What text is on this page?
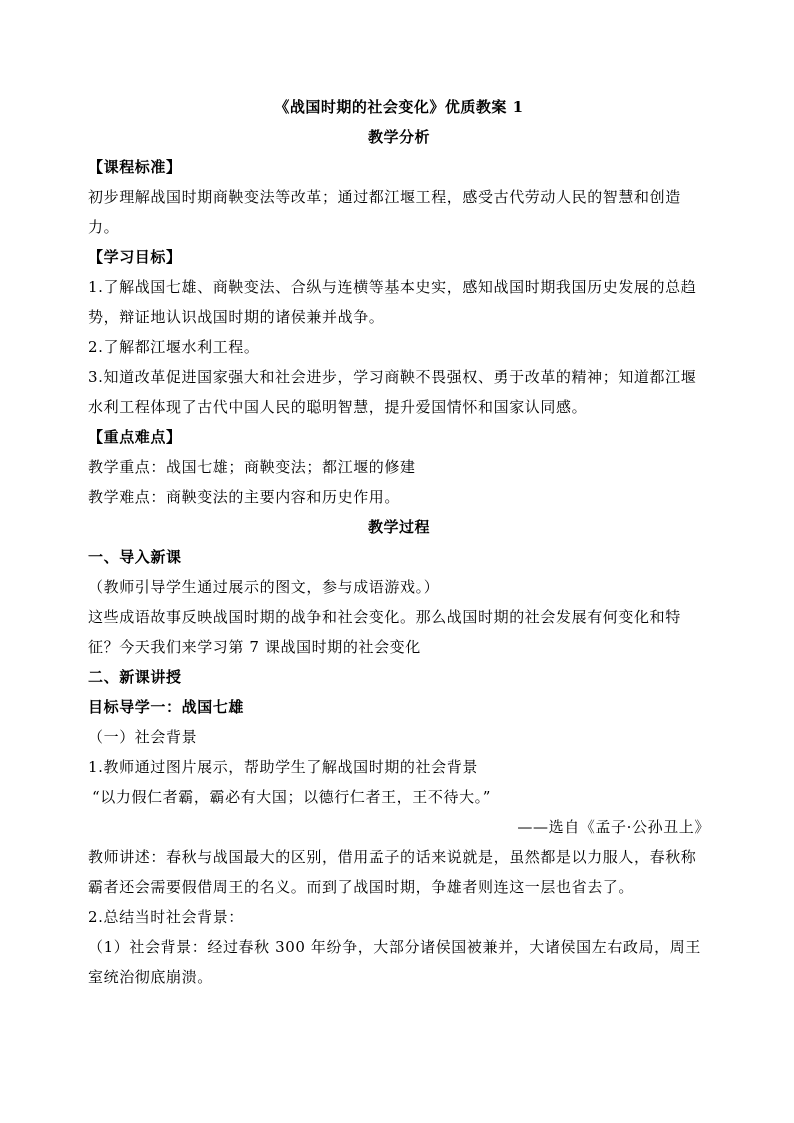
《战国时期的社会变化》优质教案 1
教学分析
【课程标准】
初步理解战国时期商鞅变法等改革；通过都江堰工程，感受古代劳动人民的智慧和创造力。
【学习目标】
1.了解战国七雄、商鞅变法、合纵与连横等基本史实，感知战国时期我国历史发展的总趋势，辩证地认识战国时期的诸侯兼并战争。
2.了解都江堰水利工程。
3.知道改革促进国家强大和社会进步，学习商鞅不畏强权、勇于改革的精神；知道都江堰水利工程体现了古代中国人民的聪明智慧，提升爱国情怀和国家认同感。
【重点难点】
教学重点：战国七雄；商鞅变法；都江堰的修建
教学难点：商鞅变法的主要内容和历史作用。
教学过程
一、导入新课
（教师引导学生通过展示的图文，参与成语游戏。）
这些成语故事反映战国时期的战争和社会变化。那么战国时期的社会发展有何变化和特征？今天我们来学习第 7 课战国时期的社会变化
二、新课讲授
目标导学一：战国七雄
（一）社会背景
1.教师通过图片展示，帮助学生了解战国时期的社会背景
“以力假仁者霸，霸必有大国；以德行仁者王，王不待大。”
——选自《孟子·公孙丑上》
教师讲述：春秋与战国最大的区别，借用孟子的话来说就是，虽然都是以力服人，春秋称霸者还会需要假借周王的名义。而到了战国时期，争雄者则连这一层也省去了。
2.总结当时社会背景：
（1）社会背景：经过春秋 300 年纷争，大部分诸侯国被兼并，大诸侯国左右政局，周王室统治彻底崩溃。
